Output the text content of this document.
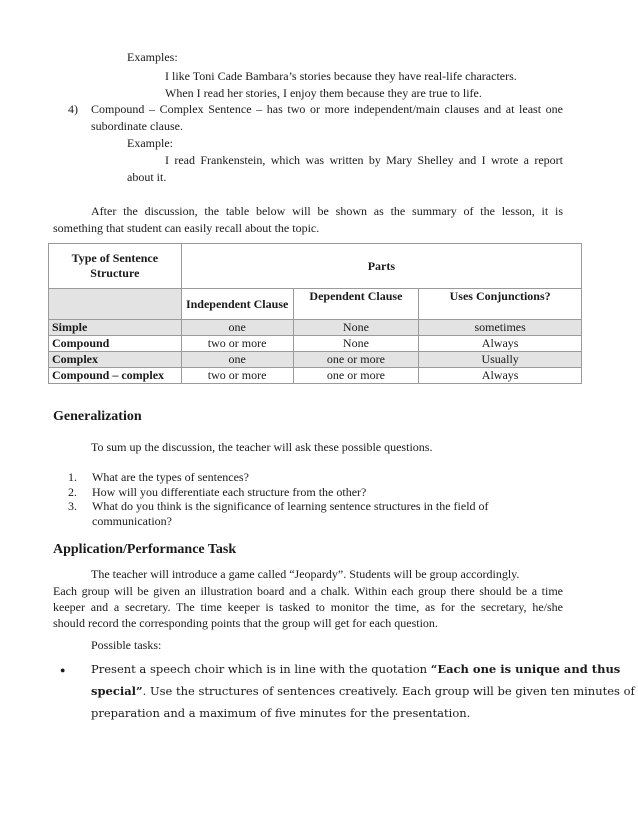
Examples:
I like Toni Cade Bambara’s stories because they have real-life characters.
When I read her stories, I enjoy them because they are true to life.
4) Compound – Complex Sentence – has two or more independent/main clauses and at least one
subordinate clause.
Example:
I read Frankenstein, which was written by Mary Shelley and I wrote a report
about it.
After the discussion, the table below will be shown as the summary of the lesson, it is
something that student can easily recall about the topic.
Type of Sentence Structure	Parts		
	Independent Clause	Dependent Clause	Uses Conjunctions?
Simple	one	None	sometimes
Compound	two or more	None	Always
Complex	one	one or more	Usually
Compound – complex	two or more	one or more	Always
Generalization
To sum up the discussion, the teacher will ask these possible questions.
1. What are the types of sentences?
2. How will you differentiate each structure from the other?
3. What do you think is the significance of learning sentence structures in the field of
communication?
Application/Performance Task
The teacher will introduce a game called “Jeopardy”. Students will be group accordingly.
Each group will be given an illustration board and a chalk. Within each group there should be a time
keeper and a secretary. The time keeper is tasked to monitor the time, as for the secretary, he/she
should record the corresponding points that the group will get for each question.
Possible tasks:
● Present a speech choir which is in line with the quotation “Each one is unique and thus
special”. Use the structures of sentences creatively. Each group will be given ten minutes of
preparation and a maximum of five minutes for the presentation.
